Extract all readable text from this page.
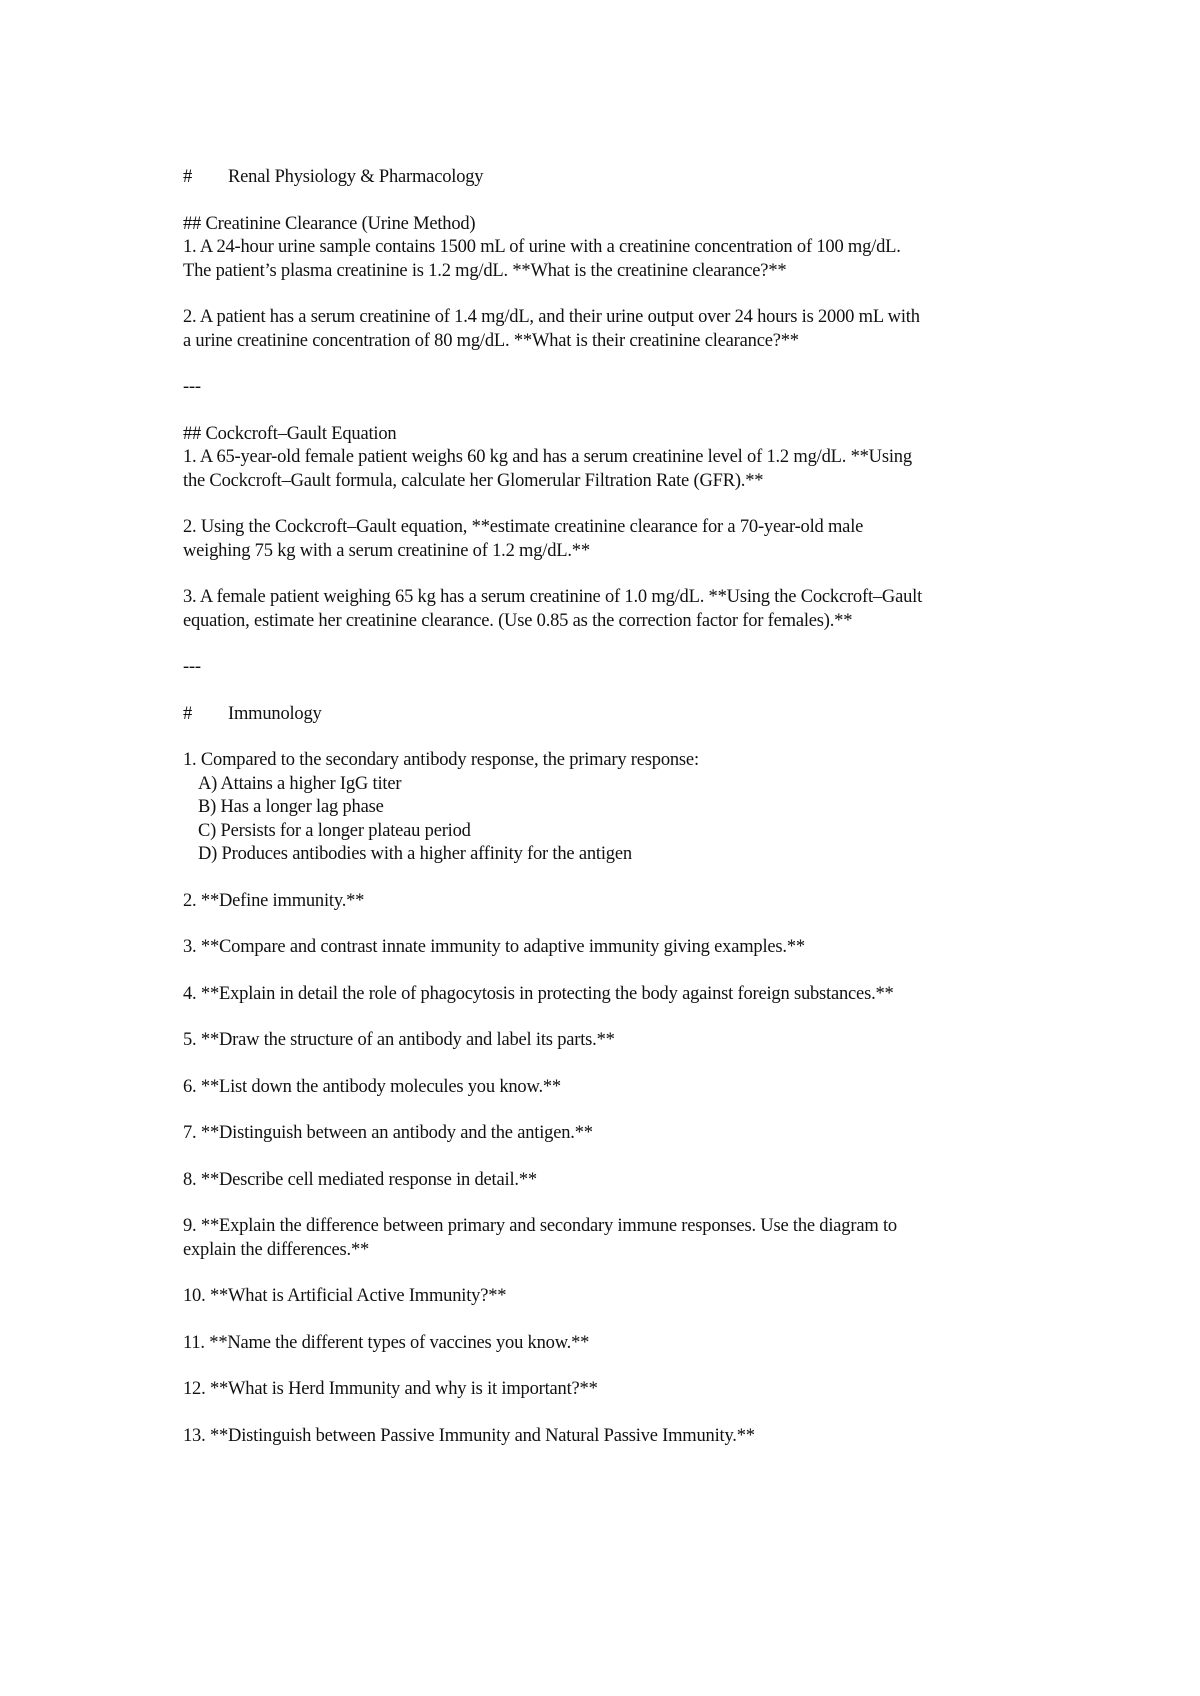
# Renal Physiology & Pharmacology
## Creatinine Clearance (Urine Method)
1. A 24-hour urine sample contains 1500 mL of urine with a creatinine concentration of 100 mg/dL.
The patient’s plasma creatinine is 1.2 mg/dL. **What is the creatinine clearance?**
2. A patient has a serum creatinine of 1.4 mg/dL, and their urine output over 24 hours is 2000 mL with
a urine creatinine concentration of 80 mg/dL. **What is their creatinine clearance?**
---
## Cockcroft–Gault Equation
1. A 65-year-old female patient weighs 60 kg and has a serum creatinine level of 1.2 mg/dL. **Using
the Cockcroft–Gault formula, calculate her Glomerular Filtration Rate (GFR).**
2. Using the Cockcroft–Gault equation, **estimate creatinine clearance for a 70-year-old male
weighing 75 kg with a serum creatinine of 1.2 mg/dL.**
3. A female patient weighing 65 kg has a serum creatinine of 1.0 mg/dL. **Using the Cockcroft–Gault
equation, estimate her creatinine clearance. (Use 0.85 as the correction factor for females).**
---
# Immunology
1. Compared to the secondary antibody response, the primary response:
A) Attains a higher IgG titer
B) Has a longer lag phase
C) Persists for a longer plateau period
D) Produces antibodies with a higher affinity for the antigen
2. **Define immunity.**
3. **Compare and contrast innate immunity to adaptive immunity giving examples.**
4. **Explain in detail the role of phagocytosis in protecting the body against foreign substances.**
5. **Draw the structure of an antibody and label its parts.**
6. **List down the antibody molecules you know.**
7. **Distinguish between an antibody and the antigen.**
8. **Describe cell mediated response in detail.**
9. **Explain the difference between primary and secondary immune responses. Use the diagram to
explain the differences.**
10. **What is Artificial Active Immunity?**
11. **Name the different types of vaccines you know.**
12. **What is Herd Immunity and why is it important?**
13. **Distinguish between Passive Immunity and Natural Passive Immunity.**
